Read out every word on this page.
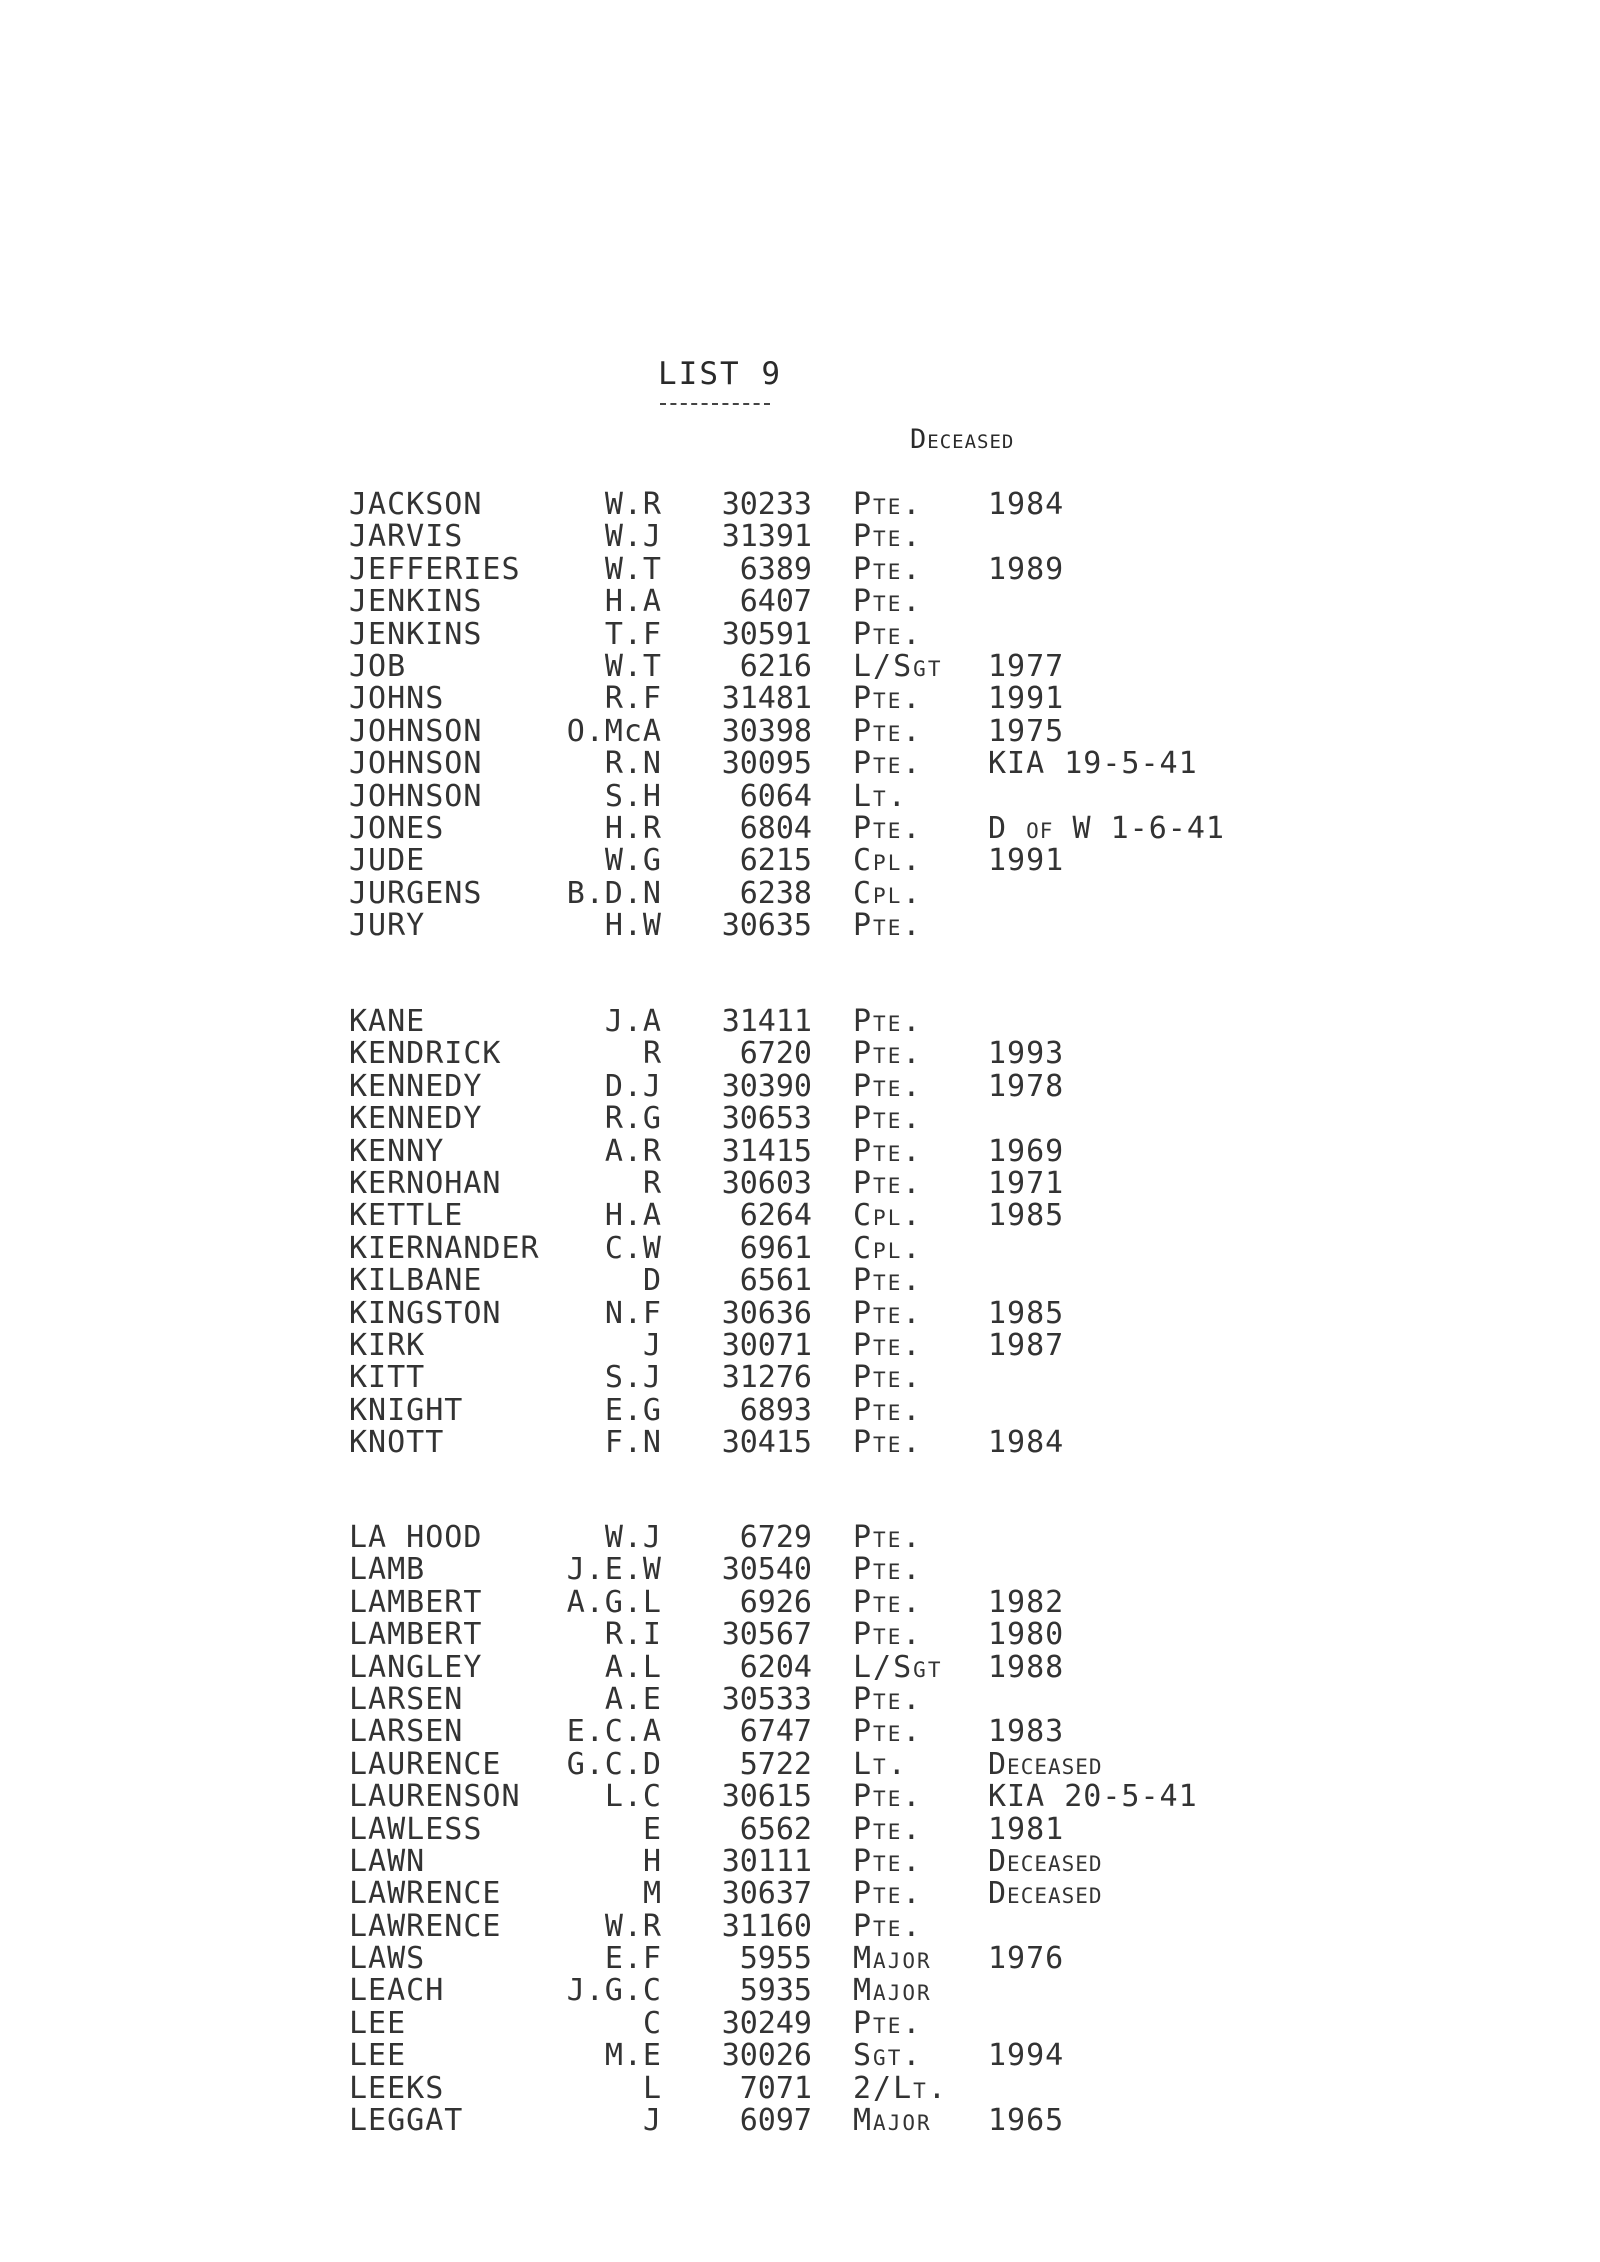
LIST 9
Deceased
JACKSON	W.R 30233 Pte. 1984
JARVIS	W.J 31391 Pte.
JEFFERIES	W.T	6389 Pte. 1989
JENKINS	H.A	6407 Pte.
JENKINS	T.F 30591 Pte.
JOB	W.T	6216 L/Sgt 1977
JOHNS	R.F 31481 Pte. 1991
JOHNSON	O.McA 30398 Pte. 1975
JOHNSON	R.N 30095 Pte. KIA 19-5-41
JOHNSON	S.H	6064 Lt.
JONES	H.R	6804 Pte. D of W 1-6-41
JUDE	W.G	6215 Cpl. 1991
JURGENS	B.D.N	6238 Cpl.
JURY	H.W 30635 Pte.
KANE	J.A 31411 Pte.
KENDRICK	R	6720 Pte. 1993
KENNEDY	D.J 30390 Pte. 1978
KENNEDY	R.G 30653 Pte.
KENNY	A.R 31415 Pte. 1969
KERNOHAN	R 30603 Pte. 1971
KETTLE	H.A	6264 Cpl. 1985
KIERNANDER C.W	6961 Cpl.
KILBANE	D	6561 Pte.
KINGSTON	N.F 30636 Pte. 1985
KIRK	J 30071 Pte. 1987
KITT	S.J 31276 Pte.
KNIGHT	E.G	6893 Pte.
KNOTT	F.N 30415 Pte. 1984
LA HOOD	W.J	6729 Pte.
LAMB	J.E.W 30540 Pte.
LAMBERT	A.G.L	6926 Pte. 1982
LAMBERT	R.I 30567 Pte. 1980
LANGLEY	A.L	6204 L/Sgt 1988
LARSEN	A.E 30533 Pte.
LARSEN	E.C.A	6747 Pte. 1983
LAURENCE G.C.D	5722 Lt.	Deceased
LAURENSON	L.C 30615 Pte. KIA 20-5-41
LAWLESS	E	6562 Pte. 1981
LAWN	H 30111 Pte. Deceased
LAWRENCE	M 30637 Pte. Deceased
LAWRENCE	W.R 31160 Pte.
LAWS	E.F	5955 Major 1976
LEACH	J.G.C	5935 Major
LEE	C 30249 Pte.
LEE	M.E 30026 Sgt. 1994
LEEKS	L	7071 2/Lt.
LEGGAT	J	6097 Major 1965
